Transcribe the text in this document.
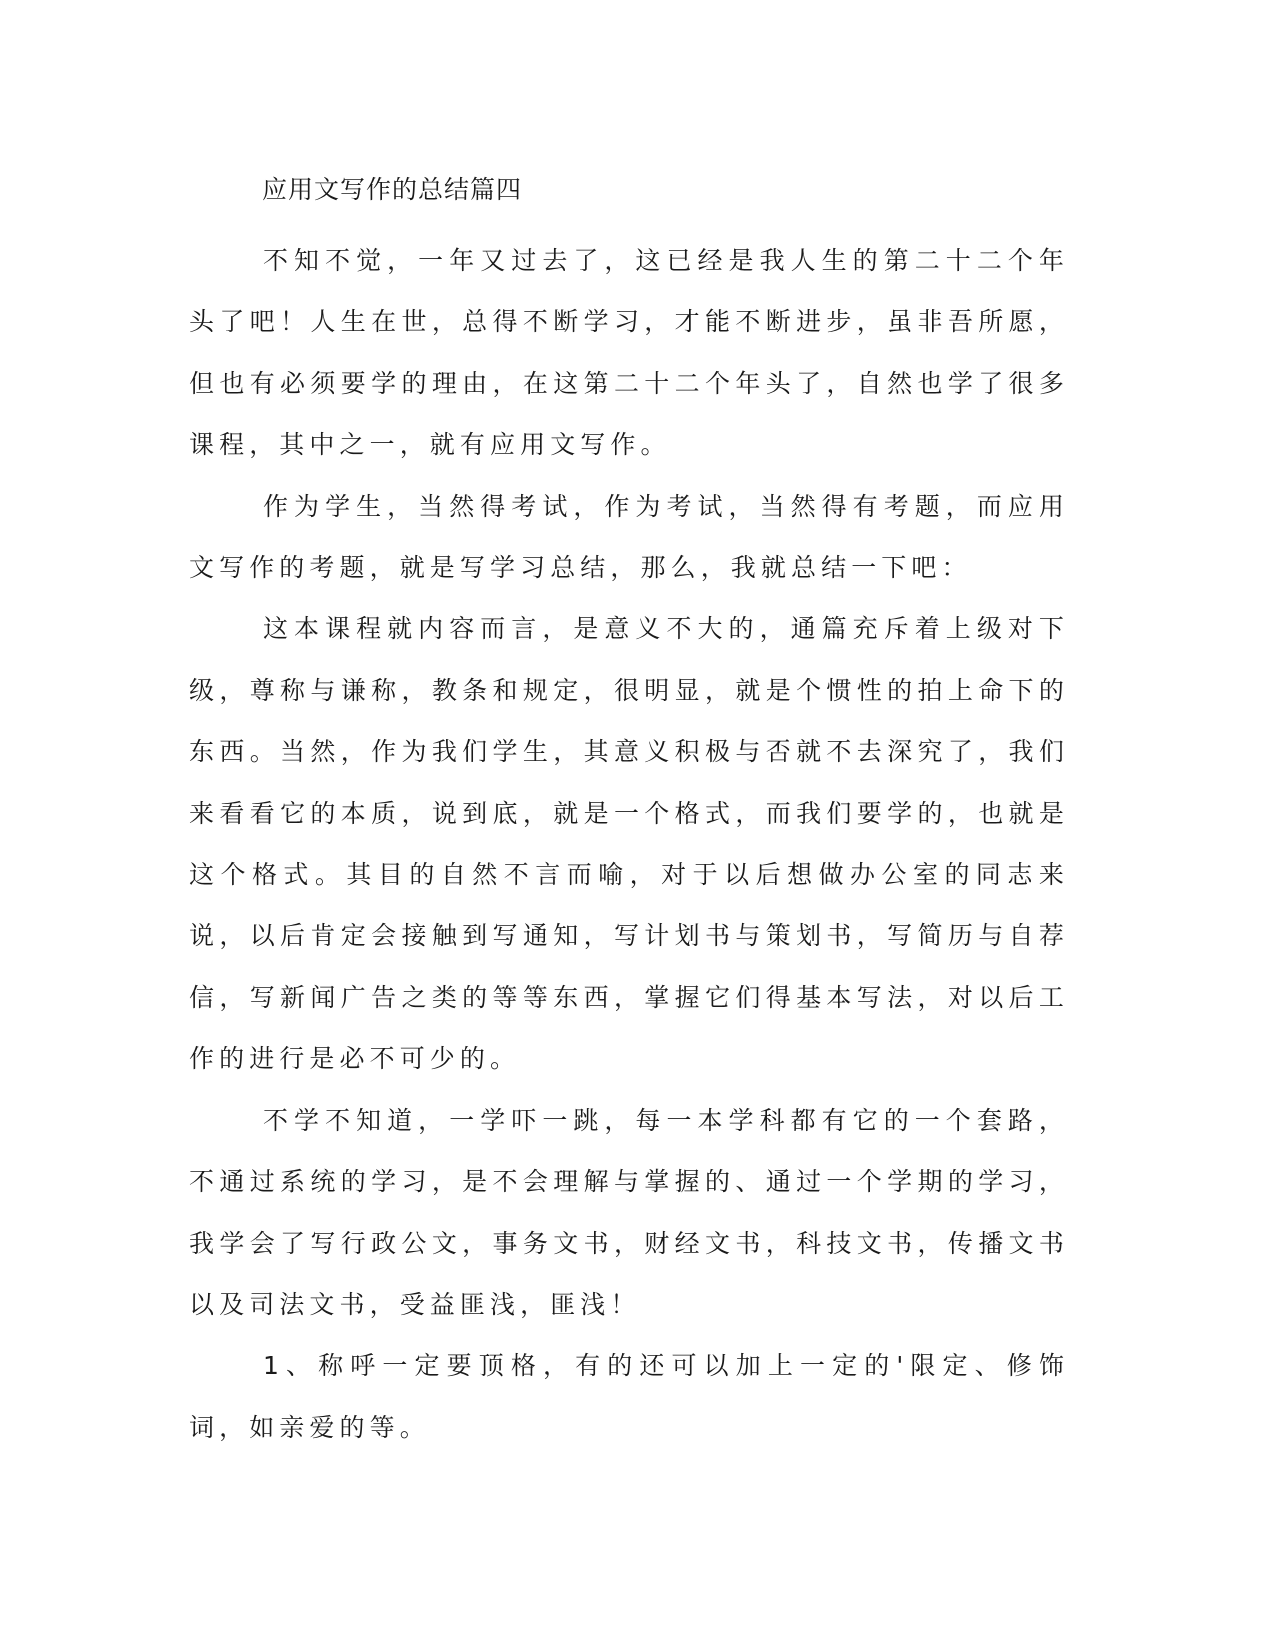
应用文写作的总结篇四

不知不觉，一年又过去了，这已经是我人生的第二十二个年头了吧！人生在世，总得不断学习，才能不断进步，虽非吾所愿，但也有必须要学的理由，在这第二十二个年头了，自然也学了很多课程，其中之一，就有应用文写作。

作为学生，当然得考试，作为考试，当然得有考题，而应用文写作的考题，就是写学习总结，那么，我就总结一下吧：

这本课程就内容而言，是意义不大的，通篇充斥着上级对下级，尊称与谦称，教条和规定，很明显，就是个惯性的拍上命下的东西。当然，作为我们学生，其意义积极与否就不去深究了，我们来看看它的本质，说到底，就是一个格式，而我们要学的，也就是这个格式。其目的自然不言而喻，对于以后想做办公室的同志来说，以后肯定会接触到写通知，写计划书与策划书，写简历与自荐信，写新闻广告之类的等等东西，掌握它们得基本写法，对以后工作的进行是必不可少的。

不学不知道，一学吓一跳，每一本学科都有它的一个套路，不通过系统的学习，是不会理解与掌握的、通过一个学期的学习，我学会了写行政公文，事务文书，财经文书，科技文书，传播文书以及司法文书，受益匪浅，匪浅！

1、称呼一定要顶格，有的还可以加上一定的'限定、修饰词，如亲爱的等。
